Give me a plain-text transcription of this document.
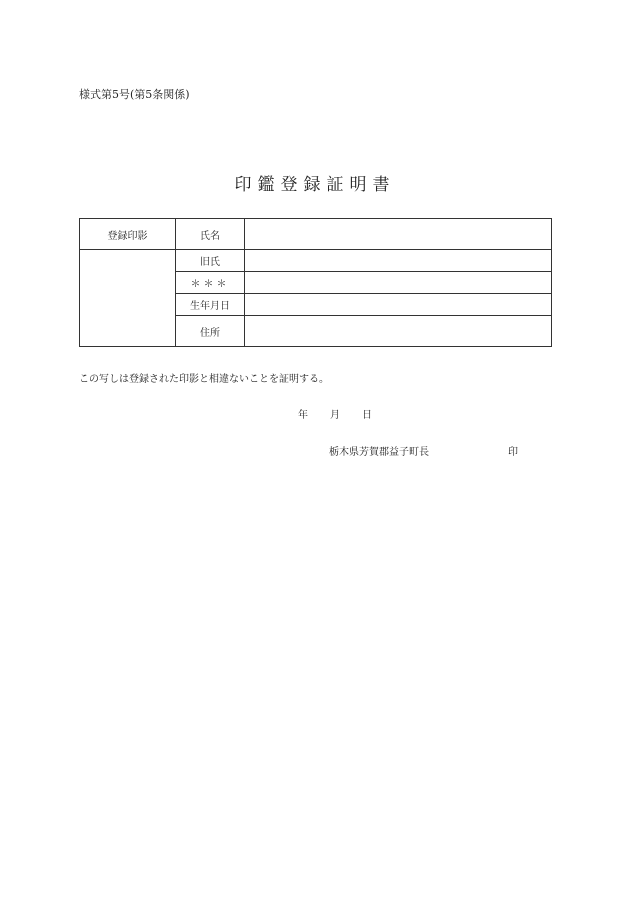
様式第5号(第5条関係)
印鑑登録証明書
登録印影	氏名	
	旧氏	
	＊＊＊	
	生年月日	
	住所	
この写しは登録された印影と相違ないことを証明する。
年 月 日
栃木県芳賀郡益子町長	印
